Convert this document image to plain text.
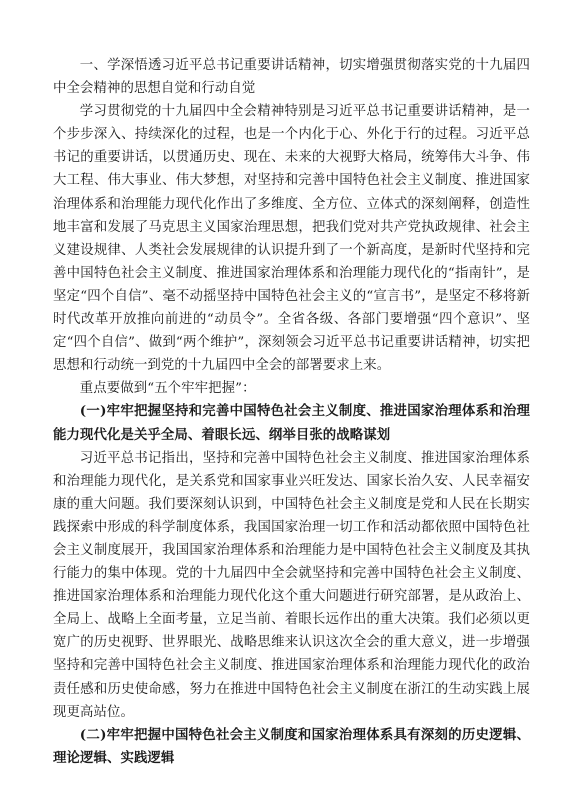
一、学深悟透习近平总书记重要讲话精神，切实增强贯彻落实党的十九届四中全会精神的思想自觉和行动自觉

学习贯彻党的十九届四中全会精神特别是习近平总书记重要讲话精神，是一个步步深入、持续深化的过程，也是一个内化于心、外化于行的过程。习近平总书记的重要讲话，以贯通历史、现在、未来的大视野大格局，统筹伟大斗争、伟大工程、伟大事业、伟大梦想，对坚持和完善中国特色社会主义制度、推进国家治理体系和治理能力现代化作出了多维度、全方位、立体式的深刻阐释，创造性地丰富和发展了马克思主义国家治理思想，把我们党对共产党执政规律、社会主义建设规律、人类社会发展规律的认识提升到了一个新高度，是新时代坚持和完善中国特色社会主义制度、推进国家治理体系和治理能力现代化的“指南针”，是坚定“四个自信”、毫不动摇坚持中国特色社会主义的“宣言书”，是坚定不移将新时代改革开放推向前进的“动员令”。全省各级、各部门要增强“四个意识”、坚定“四个自信”、做到“两个维护”，深刻领会习近平总书记重要讲话精神，切实把思想和行动统一到党的十九届四中全会的部署要求上来。

重点要做到“五个牢牢把握”：

(一)牢牢把握坚持和完善中国特色社会主义制度、推进国家治理体系和治理能力现代化是关乎全局、着眼长远、纲举目张的战略谋划

习近平总书记指出，坚持和完善中国特色社会主义制度、推进国家治理体系和治理能力现代化，是关系党和国家事业兴旺发达、国家长治久安、人民幸福安康的重大问题。我们要深刻认识到，中国特色社会主义制度是党和人民在长期实践探索中形成的科学制度体系，我国国家治理一切工作和活动都依照中国特色社会主义制度展开，我国国家治理体系和治理能力是中国特色社会主义制度及其执行能力的集中体现。党的十九届四中全会就坚持和完善中国特色社会主义制度、推进国家治理体系和治理能力现代化这个重大问题进行研究部署，是从政治上、全局上、战略上全面考量，立足当前、着眼长远作出的重大决策。我们必须以更宽广的历史视野、世界眼光、战略思维来认识这次全会的重大意义，进一步增强坚持和完善中国特色社会主义制度、推进国家治理体系和治理能力现代化的政治责任感和历史使命感，努力在推进中国特色社会主义制度在浙江的生动实践上展现更高站位。

(二)牢牢把握中国特色社会主义制度和国家治理体系具有深刻的历史逻辑、理论逻辑、实践逻辑
